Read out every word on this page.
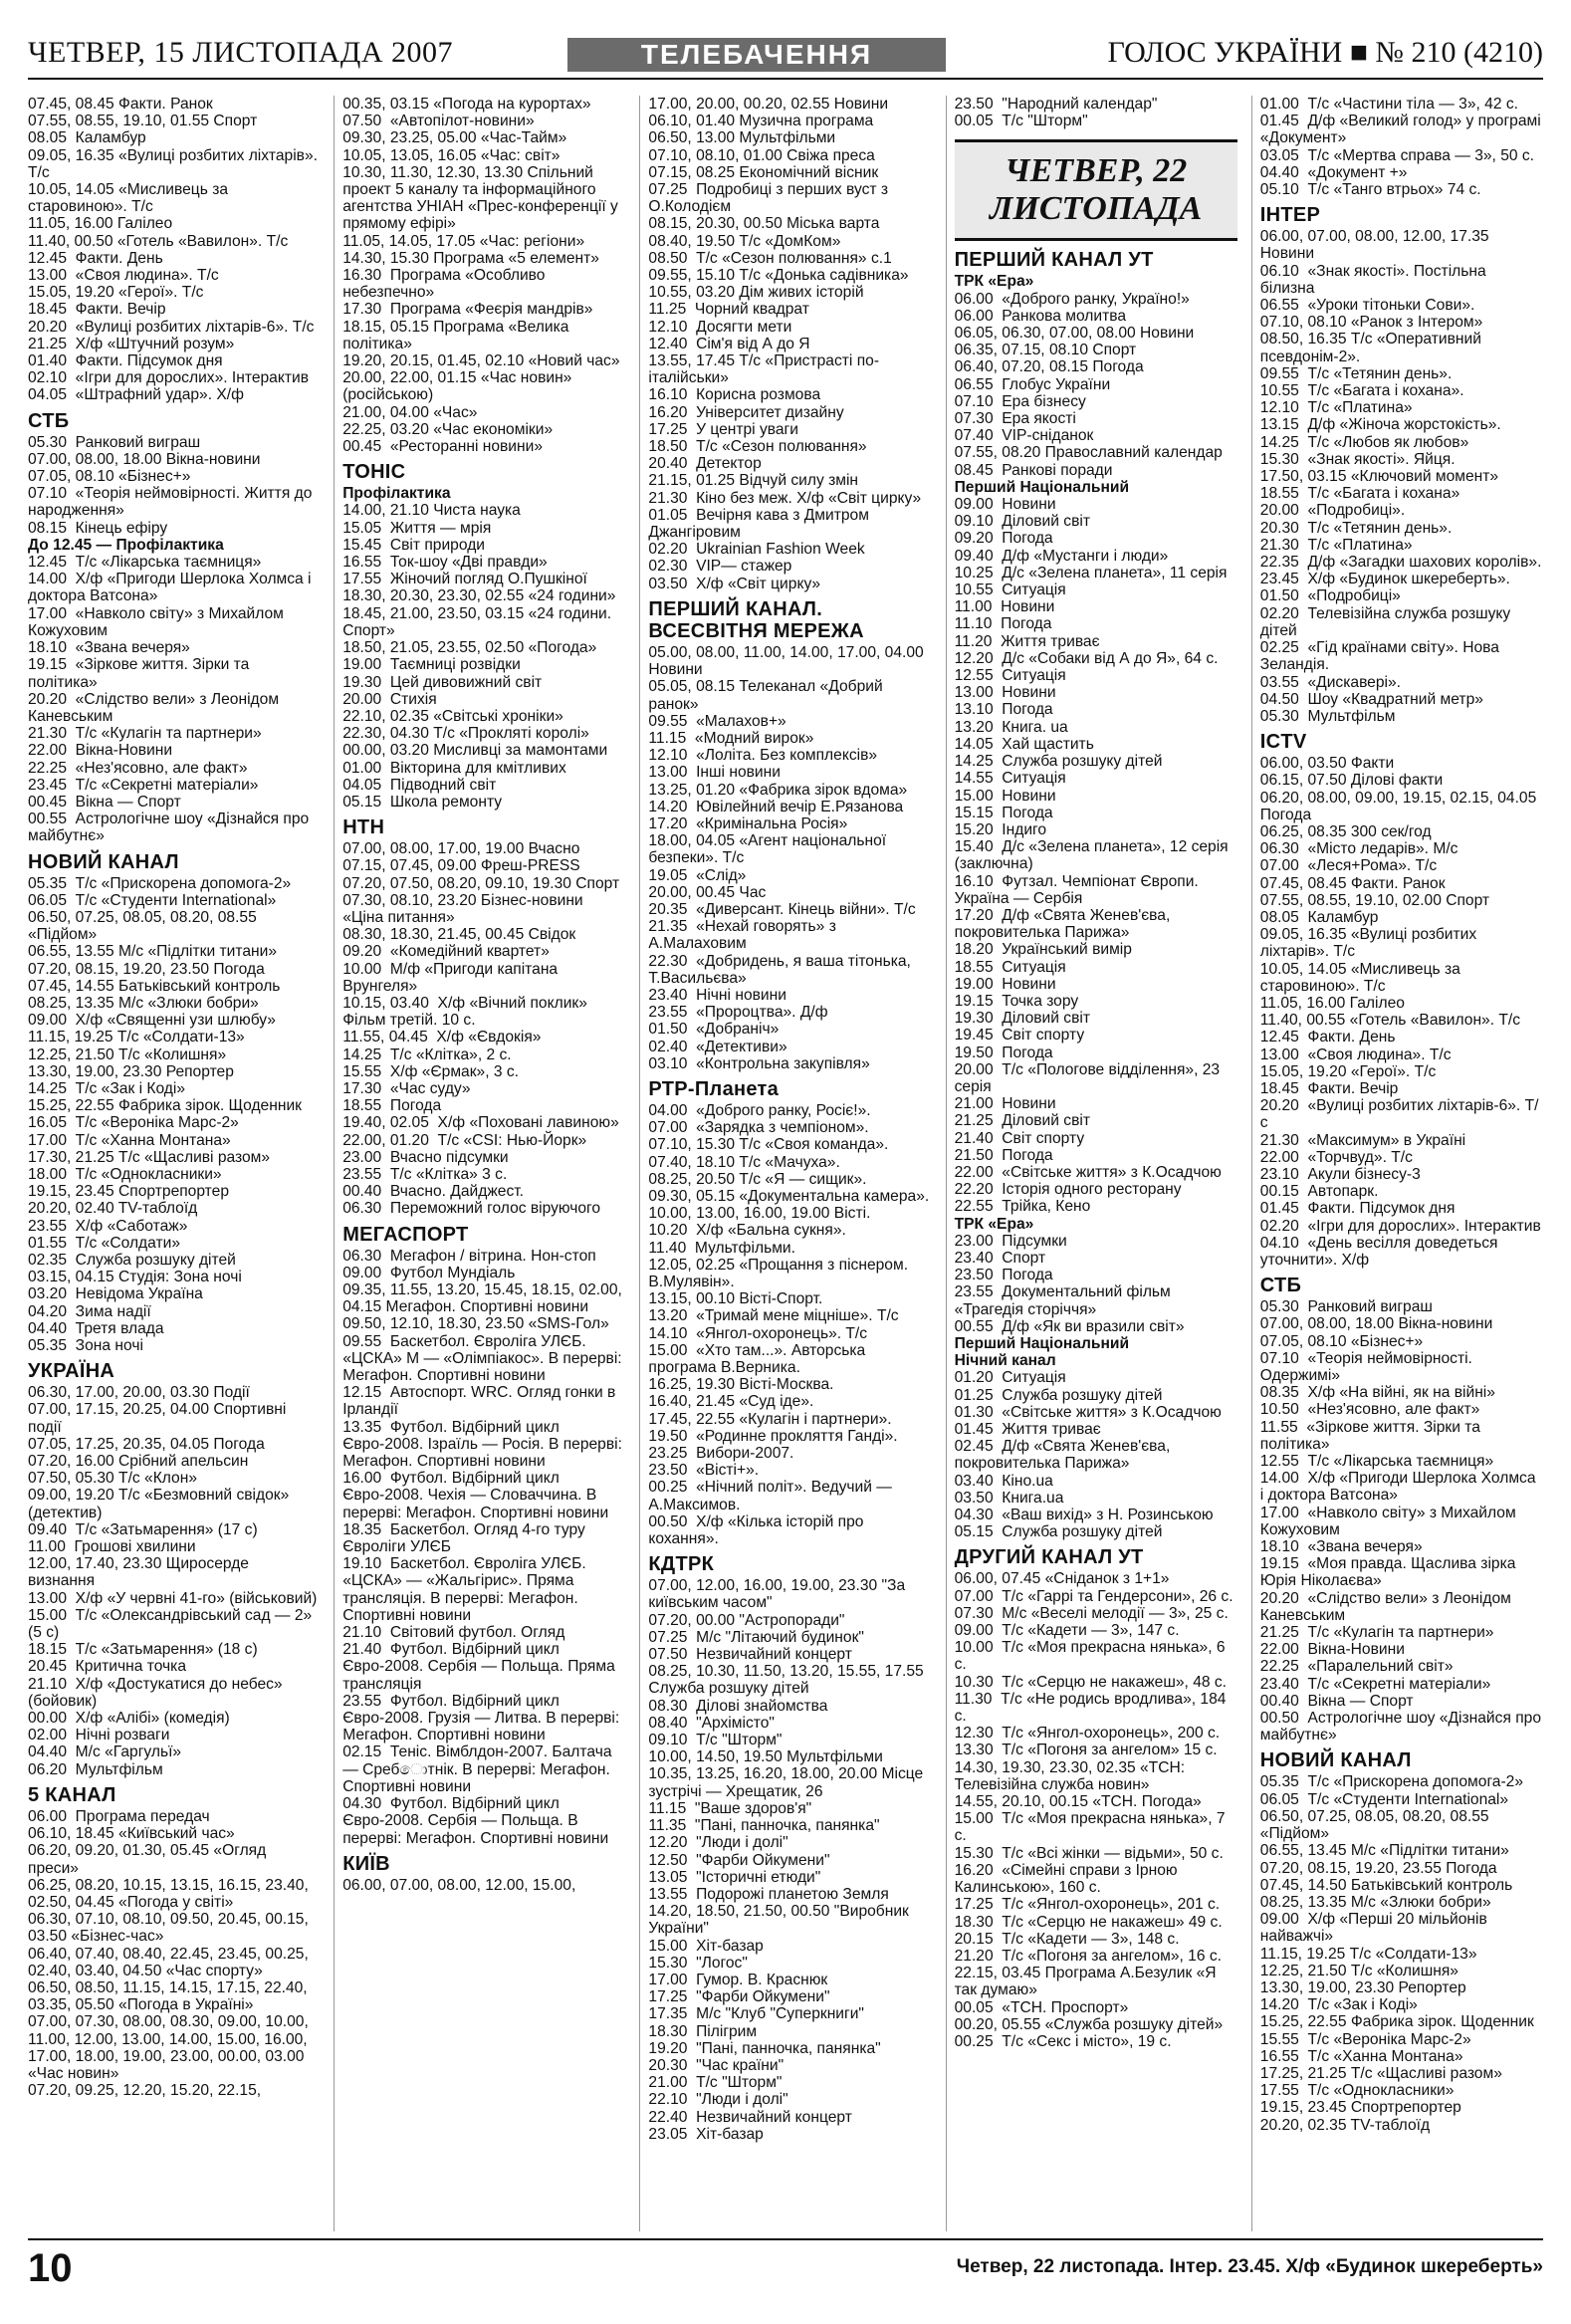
ЧЕТВЕР, 15 ЛИСТОПАДА 2007	ТЕЛЕБАЧЕННЯ	ГОЛОС УКРАЇНИ ■ № 210 (4210)
07.45, 08.45 Факти. Ранок
07.55, 08.55, 19.10, 01.55 Спорт
08.05  Каламбур
09.05, 16.35 «Вулиці розбитих ліхтарів». Т/с
10.05, 14.05 «Мисливець за старовиною». Т/с
11.05, 16.00 Галілео
11.40, 00.50 «Готель «Вавилон». Т/с
12.45  Факти. День
13.00  «Своя людина». Т/с
15.05, 19.20 «Герої». Т/с
18.45  Факти. Вечір
20.20  «Вулиці розбитих ліхтарів-6». Т/с
21.25  Х/ф «Штучний розум»
01.40  Факти. Підсумок дня
02.10  «Ігри для дорослих». Інтерактив
04.05  «Штрафний удар». Х/ф
СТБ
05.30  Ранковий виграш
07.00, 08.00, 18.00 Вікна-новини
07.05, 08.10 «Бізнес+»
07.10  «Теорія неймовірності. Життя до народження»
08.15  Кінець ефіру
До 12.45 — Профілактика
12.45  Т/с «Лікарська таємниця»
14.00  Х/ф «Пригоди Шерлока Холмса і доктора Ватсона»
17.00  «Навколо світу» з Михайлом Кожуховим
18.10  «Звана вечеря»
19.15  «Зіркове життя. Зірки та політика»
20.20  «Слідство вели» з Леонідом Каневським
21.30  Т/с «Кулагін та партнери»
22.00  Вікна-Новини
22.25  «Нез'ясовно, але факт»
23.45  Т/с «Секретні матеріали»
00.45  Вікна — Спорт
00.55  Астрологічне шоу «Дізнайся про майбутнє»
НОВИЙ КАНАЛ
05.35  Т/с «Прискорена допомога-2»
06.05  Т/с «Студенти International»
06.50, 07.25, 08.05, 08.20, 08.55 «Підйом»
06.55, 13.55 М/с «Підлітки титани»
07.20, 08.15, 19.20, 23.50 Погода
07.45, 14.55 Батьківський контроль
08.25, 13.35 М/с «Злюки бобри»
09.00  Х/ф «Священні узи шлюбу»
11.15, 19.25 Т/с «Солдати-13»
12.25, 21.50 Т/с «Колишня»
13.30, 19.00, 23.30 Репортер
14.25  Т/с «Зак і Коді»
15.25, 22.55 Фабрика зірок. Щоденник
16.05  Т/с «Вероніка Марс-2»
17.00  Т/с «Ханна Монтана»
17.30, 21.25 Т/с «Щасливі разом»
18.00  Т/с «Однокласники»
19.15, 23.45 Спортрепортер
20.20, 02.40 TV-таблоїд
23.55  Х/ф «Саботаж»
01.55  Т/с «Солдати»
02.35  Служба розшуку дітей
03.15, 04.15 Студія: Зона ночі
03.20  Невідома Україна
04.20  Зима надії
04.40  Третя влада
05.35  Зона ночі
УКРАЇНА
06.30, 17.00, 20.00, 03.30 Події
07.00, 17.15, 20.25, 04.00 Спортивні події
07.05, 17.25, 20.35, 04.05 Погода
07.20, 16.00 Срібний апельсин
07.50, 05.30 Т/с «Клон»
09.00, 19.20 Т/с «Безмовний свідок» (детектив)
09.40  Т/с «Затьмарення» (17 с)
11.00  Грошові хвилини
12.00, 17.40, 23.30 Щиросерде визнання
13.00  Х/ф «У червні 41-го» (військовий)
15.00  Т/с «Олександрівський сад — 2» (5 с)
18.15  Т/с «Затьмарення» (18 с)
20.45  Критична точка
21.10  Х/ф «Достукатися до небес» (бойовик)
00.00  Х/ф «Алібі» (комедія)
02.00  Нічні розваги
04.40  М/с «Гаргульї»
06.20  Мультфільм
5 КАНАЛ
06.00  Програма передач
06.10, 18.45 «Київський час»
06.20, 09.20, 01.30, 05.45 «Огляд преси»
06.25, 08.20, 10.15, 13.15, 16.15, 23.40, 02.50, 04.45 «Погода у світі»
06.30, 07.10, 08.10, 09.50, 20.45, 00.15, 03.50 «Бізнес-час»
06.40, 07.40, 08.40, 22.45, 23.45, 00.25, 02.40, 03.40, 04.50 «Час спорту»
06.50, 08.50, 11.15, 14.15, 17.15, 22.40, 03.35, 05.50 «Погода в Україні»
07.00, 07.30, 08.00, 08.30, 09.00, 10.00, 11.00, 12.00, 13.00, 14.00, 15.00, 16.00, 17.00, 18.00, 19.00, 23.00, 00.00, 03.00 «Час новин»
07.20, 09.25, 12.20, 15.20, 22.15,
00.35, 03.15 «Погода на курортах»
07.50  «Автопілот-новини»
09.30, 23.25, 05.00 «Час-Тайм»
10.05, 13.05, 16.05 «Час: світ»
10.30, 11.30, 12.30, 13.30 Спільний проект 5 каналу та інформаційного агентства УНІАН «Прес-конференції у прямому ефірі»
11.05, 14.05, 17.05 «Час: регіони»
14.30, 15.30 Програма «5 елемент»
16.30  Програма «Особливо небезпечно»
17.30  Програма «Феєрія мандрів»
18.15, 05.15 Програма «Велика політика»
19.20, 20.15, 01.45, 02.10 «Новий час»
20.00, 22.00, 01.15 «Час новин» (російською)
21.00, 04.00 «Час»
22.25, 03.20 «Час економіки»
00.45  «Ресторанні новини»
ТОНІС
Профілактика
14.00, 21.10 Чиста наука
15.05  Життя — мрія
15.45  Світ природи
16.55  Ток-шоу «Дві правди»
17.55  Жіночий погляд О.Пушкіної
18.30, 20.30, 23.30, 02.55 «24 години»
18.45, 21.00, 23.50, 03.15 «24 години. Спорт»
18.50, 21.05, 23.55, 02.50 «Погода»
19.00  Таємниці розвідки
19.30  Цей дивовижний світ
20.00  Стихія
22.10, 02.35 «Світські хроніки»
22.30, 04.30 Т/с «Прокляті королі»
00.00, 03.20 Мисливці за мамонтами
01.00  Вікторина для кмітливих
04.05  Підводний світ
05.15  Школа ремонту
НТН
07.00, 08.00, 17.00, 19.00 Вчасно
07.15, 07.45, 09.00 Фреш-PRESS
07.20, 07.50, 08.20, 09.10, 19.30 Спорт
07.30, 08.10, 23.20 Бізнес-новини «Ціна питання»
08.30, 18.30, 21.45, 00.45 Свідок
09.20  «Комедійний квартет»
10.00  М/ф «Пригоди капітана Врунгеля»
10.15, 03.40  Х/ф «Вічний поклик» Фільм третій. 10 с.
11.55, 04.45  Х/ф «Євдокія»
14.25  Т/с «Клітка», 2 с.
15.55  Х/ф «Єрмак», 3 с.
17.30  «Час суду»
18.55  Погода
19.40, 02.05  Х/ф «Поховані лавиною»
22.00, 01.20  Т/с «CSI: Нью-Йорк»
23.00  Вчасно підсумки
23.55  Т/с «Клітка» 3 с.
00.40  Вчасно. Дайджест.
06.30  Переможний голос віруючого
МЕГАСПОРТ
06.30  Мегафон / вітрина. Нон-стоп
09.00  Футбол Мундіаль
09.35, 11.55, 13.20, 15.45, 18.15, 02.00, 04.15 Мегафон. Спортивні новини
09.50, 12.10, 18.30, 23.50 «SMS-Гол»
09.55  Баскетбол. Євроліга УЛЄБ. «ЦСКА» М — «Олімпіакос». В перерві: Мегафон. Спортивні новини
12.15  Автоспорт. WRC. Огляд гонки в Ірландії
13.35  Футбол. Відбірний цикл Євро-2008. Ізраїль — Росія. В перерві: Мегафон. Спортивні новини
16.00  Футбол. Відбірний цикл Євро-2008. Чехія — Словаччина. В перерві: Мегафон. Спортивні новини
18.35  Баскетбол. Огляд 4-го туру Євроліги УЛЄБ
19.10  Баскетбол. Євроліга УЛЄБ. «ЦСКА» — «Жальгірис». Пряма трансляція. В перерві: Мегафон. Спортивні новини
21.10  Світовий футбол. Огляд
21.40  Футбол. Відбірний цикл Євро-2008. Сербія — Польща. Пряма трансляція
23.55  Футбол. Відбірний цикл Євро-2008. Грузія — Литва. В перерві: Мегафон. Спортивні новини
02.15  Теніс. Вімблдон-2007. Балтача — Сребොтнік. В перерві: Мегафон. Спортивні новини
04.30  Футбол. Відбірний цикл Євро-2008. Сербія — Польща. В перерві: Мегафон. Спортивні новини
КИЇВ
06.00, 07.00, 08.00, 12.00, 15.00,
17.00, 20.00, 00.20, 02.55 Новини
06.10, 01.40 Музична програма
06.50, 13.00 Мультфільми
07.10, 08.10, 01.00 Свіжа преса
07.15, 08.25 Економічний вісник
07.25  Подробиці з перших вуст з О.Колодієм
08.15, 20.30, 00.50 Міська варта
08.40, 19.50 Т/с «ДомКом»
08.50  Т/с «Сезон полювання» с.1
09.55, 15.10 Т/с «Донька садівника»
10.55, 03.20 Дім живих історій
11.25  Чорний квадрат
12.10  Досягти мети
12.40  Сім'я від А до Я
13.55, 17.45 Т/с «Пристрасті по-італійськи»
16.10  Корисна розмова
16.20  Університет дизайну
17.25  У центрі уваги
18.50  Т/с «Сезон полювання»
20.40  Детектор
21.15, 01.25 Відчуй силу змін
21.30  Кіно без меж. Х/ф «Світ цирку»
01.05  Вечірня кава з Дмитром Джангіровим
02.20  Ukrainian Fashion Week
02.30  VIP— стажер
03.50  Х/ф «Світ цирку»
ПЕРШИЙ КАНАЛ. ВСЕСВІТНЯ МЕРЕЖА
05.00, 08.00, 11.00, 14.00, 17.00, 04.00 Новини
05.05, 08.15 Телеканал «Добрий ранок»
09.55  «Малахов+»
11.15  «Модний вирок»
12.10  «Лоліта. Без комплексів»
13.00  Інші новини
13.25, 01.20 «Фабрика зірок вдома»
14.20  Ювілейний вечір Е.Рязанова
17.20  «Кримінальна Росія»
18.00, 04.05 «Агент національної безпеки». Т/с
19.05  «Слід»
20.00, 00.45 Час
20.35  «Диверсант. Кінець війни». Т/с
21.35  «Нехай говорять» з А.Малаховим
22.30  «Добридень, я ваша тітонька, Т.Васильєва»
23.40  Нічні новини
23.55  «Пророцтва». Д/ф
01.50  «Добраніч»
02.40  «Детективи»
03.10  «Контрольна закупівля»
РТР-Планета
04.00  «Доброго ранку, Росіє!».
07.00  «Зарядка з чемпіоном».
07.10, 15.30 Т/с «Своя команда».
07.40, 18.10 Т/с «Мачуха».
08.25, 20.50 Т/с «Я — сищик».
09.30, 05.15 «Документальна камера».
10.00, 13.00, 16.00, 19.00 Вісті.
10.20  Х/ф «Бальна сукня».
11.40  Мультфільми.
12.05, 02.25 «Прощання з піснером. В.Мулявін».
13.15, 00.10 Вісті-Спорт.
13.20  «Тримай мене міцніше». Т/с
14.10  «Янгол-охоронець». Т/с
15.00  «Хто там...». Авторська програма В.Верника.
16.25, 19.30 Вісті-Москва.
16.40, 21.45 «Суд іде».
17.45, 22.55 «Кулагін і партнери».
19.50  «Родинне прокляття Ганді».
23.25  Вибори-2007.
23.50  «Вісті+».
00.25  «Нічний політ». Ведучий — А.Максимов.
00.50  Х/ф «Кілька історій про кохання».
КДТРК
07.00, 12.00, 16.00, 19.00, 23.30 "За київським часом"
07.20, 00.00 "Астропоради"
07.25  М/с "Літаючий будинок"
07.50  Незвичайний концерт
08.25, 10.30, 11.50, 13.20, 15.55, 17.55 Служба розшуку дітей
08.30  Ділові знайомства
08.40  "Архімісто"
09.10  Т/с "Шторм"
10.00, 14.50, 19.50 Мультфільми
10.35, 13.25, 16.20, 18.00, 20.00 Місце зустрічі — Хрещатик, 26
11.15  "Ваше здоров'я"
11.35  "Пані, панночка, панянка"
12.20  "Люди і долі"
12.50  "Фарби Ойкумени"
13.05  "Історичні етюди"
13.55  Подорожі планетою Земля
14.20, 18.50, 21.50, 00.50 "Виробник України"
15.00  Хіт-базар
15.30  "Логос"
17.00  Гумор. В. Краснюк
17.25  "Фарби Ойкумени"
17.35  М/с "Клуб "Суперкниги"
18.30  Пілігрим
19.20  "Пані, панночка, панянка"
20.30  "Час країни"
21.00  Т/с "Шторм"
22.10  "Люди і долі"
22.40  Незвичайний концерт
23.05  Хіт-базар
23.50  "Народний календар"
00.05  Т/с "Шторм"
ЧЕТВЕР, 22 ЛИСТОПАДА
ПЕРШИЙ КАНАЛ УТ
ТРК «Ера»
06.00  «Доброго ранку, Україно!»
06.00  Ранкова молитва
06.05, 06.30, 07.00, 08.00 Новини
06.35, 07.15, 08.10 Спорт
06.40, 07.20, 08.15 Погода
06.55  Глобус України
07.10  Ера бізнесу
07.30  Ера якості
07.40  VIP-сніданок
07.55, 08.20 Православний календар
08.45  Ранкові поради
Перший Національний
09.00  Новини
09.10  Діловий світ
09.20  Погода
09.40  Д/ф «Мустанги і люди»
10.25  Д/с «Зелена планета», 11 серія
10.55  Ситуація
11.00  Новини
11.10  Погода
11.20  Життя триває
12.20  Д/с «Собаки від А до Я», 64 с.
12.55  Ситуація
13.00  Новини
13.10  Погода
13.20  Книга. ua
14.05  Хай щастить
14.25  Служба розшуку дітей
14.55  Ситуація
15.00  Новини
15.15  Погода
15.20  Індиго
15.40  Д/с «Зелена планета», 12 серія (заключна)
16.10  Футзал. Чемпіонат Європи. Україна — Сербія
17.20  Д/ф «Свята Женев'єва, покровителька Парижа»
18.20  Український вимір
18.55  Ситуація
19.00  Новини
19.15  Точка зору
19.30  Діловий світ
19.45  Світ спорту
19.50  Погода
20.00  Т/с «Пологове відділення», 23 серія
21.00  Новини
21.25  Діловий світ
21.40  Світ спорту
21.50  Погода
22.00  «Світське життя» з К.Осадчою
22.20  Історія одного ресторану
22.55  Трійка, Кено
ТРК «Ера»
23.00  Підсумки
23.40  Спорт
23.50  Погода
23.55  Документальний фільм «Трагедія сторіччя»
00.55  Д/ф «Як ви вразили світ»
Перший Національний
Нічний канал
01.20  Ситуація
01.25  Служба розшуку дітей
01.30  «Світське життя» з К.Осадчою
01.45  Життя триває
02.45  Д/ф «Свята Женев'єва, покровителька Парижа»
03.40  Кіно.ua
03.50  Книга.ua
04.30  «Ваш вихід» з Н. Розинською
05.15  Служба розшуку дітей
ДРУГИЙ КАНАЛ УТ
06.00, 07.45 «Сніданок з 1+1»
07.00  Т/с «Гаррі та Гендерсони», 26 с.
07.30  М/с «Веселі мелодії — 3», 25 с.
09.00  Т/с «Кадети — 3», 147 с.
10.00  Т/с «Моя прекрасна нянька», 6 с.
10.30  Т/с «Серцю не накажеш», 48 с.
11.30  Т/с «Не родись вродлива», 184 с.
12.30  Т/с «Янгол-охоронець», 200 с.
13.30  Т/с «Погоня за ангелом» 15 с.
14.30, 19.30, 23.30, 02.35 «ТСН: Телевізійна служба новин»
14.55, 20.10, 00.15 «ТСН. Погода»
15.00  Т/с «Моя прекрасна нянька», 7 с.
15.30  Т/с «Всі жінки — відьми», 50 с.
16.20  «Сімейні справи з Ірною Калинською», 160 с.
17.25  Т/с «Янгол-охоронець», 201 с.
18.30  Т/с «Серцю не накажеш» 49 с.
20.15  Т/с «Кадети — 3», 148 с.
21.20  Т/с «Погоня за ангелом», 16 с.
22.15, 03.45 Програма А.Безулик «Я так думаю»
00.05  «ТСН. Проспорт»
00.20, 05.55 «Служба розшуку дітей»
00.25  Т/с «Секс і місто», 19 с.
01.00  Т/с «Частини тіла — 3», 42 с.
01.45  Д/ф «Великий голод» у програмі «Документ»
03.05  Т/с «Мертва справа — 3», 50 с.
04.40  «Документ +»
05.10  Т/с «Танго втрьох» 74 с.
ІНТЕР
06.00, 07.00, 08.00, 12.00, 17.35 Новини
06.10  «Знак якості». Постільна білизна
06.55  «Уроки тітоньки Сови».
07.10, 08.10 «Ранок з Інтером»
08.50, 16.35 Т/с «Оперативний псевдонім-2».
09.55  Т/с «Тетянин день».
10.55  Т/с «Багата і кохана».
12.10  Т/с «Платина»
13.15  Д/ф «Жіноча жорстокість».
14.25  Т/с «Любов як любов»
15.30  «Знак якості». Яйця.
17.50, 03.15 «Ключовий момент»
18.55  Т/с «Багата і кохана»
20.00  «Подробиці».
20.30  Т/с «Тетянин день».
21.30  Т/с «Платина»
22.35  Д/ф «Загадки шахових королів».
23.45  Х/ф «Будинок шкереберть».
01.50  «Подробиці»
02.20  Телевізійна служба розшуку дітей
02.25  «Гід країнами світу». Нова Зеландія.
03.55  «Дискавері».
04.50  Шоу «Квадратний метр»
05.30  Мультфільм
ICTV
06.00, 03.50 Факти
06.15, 07.50 Ділові факти
06.20, 08.00, 09.00, 19.15, 02.15, 04.05 Погода
06.25, 08.35 300 сек/год
06.30  «Місто ледарів». М/с
07.00  «Леся+Рома». Т/с
07.45, 08.45 Факти. Ранок
07.55, 08.55, 19.10, 02.00 Спорт
08.05  Каламбур
09.05, 16.35 «Вулиці розбитих ліхтарів». Т/с
10.05, 14.05 «Мисливець за старовиною». Т/с
11.05, 16.00 Галілео
11.40, 00.55 «Готель «Вавилон». Т/с
12.45  Факти. День
13.00  «Своя людина». Т/с
15.05, 19.20 «Герої». Т/с
18.45  Факти. Вечір
20.20  «Вулиці розбитих ліхтарів-6». Т/с
21.30  «Максимум» в Україні
22.00  «Торчвуд». Т/с
23.10  Акули бізнесу-3
00.15  Автопарк.
01.45  Факти. Підсумок дня
02.20  «Ігри для дорослих». Інтерактив
04.10  «День весілля доведеться уточнити». Х/ф
СТБ
05.30  Ранковий виграш
07.00, 08.00, 18.00 Вікна-новини
07.05, 08.10 «Бізнес+»
07.10  «Теорія неймовірності. Одержимі»
08.35  Х/ф «На війні, як на війні»
10.50  «Нез'ясовно, але факт»
11.55  «Зіркове життя. Зірки та політика»
12.55  Т/с «Лікарська таємниця»
14.00  Х/ф «Пригоди Шерлока Холмса і доктора Ватсона»
17.00  «Навколо світу» з Михайлом Кожуховим
18.10  «Звана вечеря»
19.15  «Моя правда. Щаслива зірка Юрія Ніколаєва»
20.20  «Слідство вели» з Леонідом Каневським
21.25  Т/с «Кулагін та партнери»
22.00  Вікна-Новини
22.25  «Паралельний світ»
23.40  Т/с «Секретні матеріали»
00.40  Вікна — Спорт
00.50  Астрологічне шоу «Дізнайся про майбутнє»
НОВИЙ КАНАЛ
05.35  Т/с «Прискорена допомога-2»
06.05  Т/с «Студенти International»
06.50, 07.25, 08.05, 08.20, 08.55 «Підйом»
06.55, 13.45 М/с «Підлітки титани»
07.20, 08.15, 19.20, 23.55 Погода
07.45, 14.50 Батьківський контроль
08.25, 13.35 М/с «Злюки бобри»
09.00  Х/ф «Перші 20 мільйонів найважчі»
11.15, 19.25 Т/с «Солдати-13»
12.25, 21.50 Т/с «Колишня»
13.30, 19.00, 23.30 Репортер
14.20  Т/с «Зак і Коді»
15.25, 22.55 Фабрика зірок. Щоденник
15.55  Т/с «Вероніка Марс-2»
16.55  Т/с «Ханна Монтана»
17.25, 21.25 Т/с «Щасливі разом»
17.55  Т/с «Однокласники»
19.15, 23.45 Спортрепортер
20.20, 02.35 TV-таблоїд
10	Четвер, 22 листопада. Інтер. 23.45. Х/ф «Будинок шкереберть»
